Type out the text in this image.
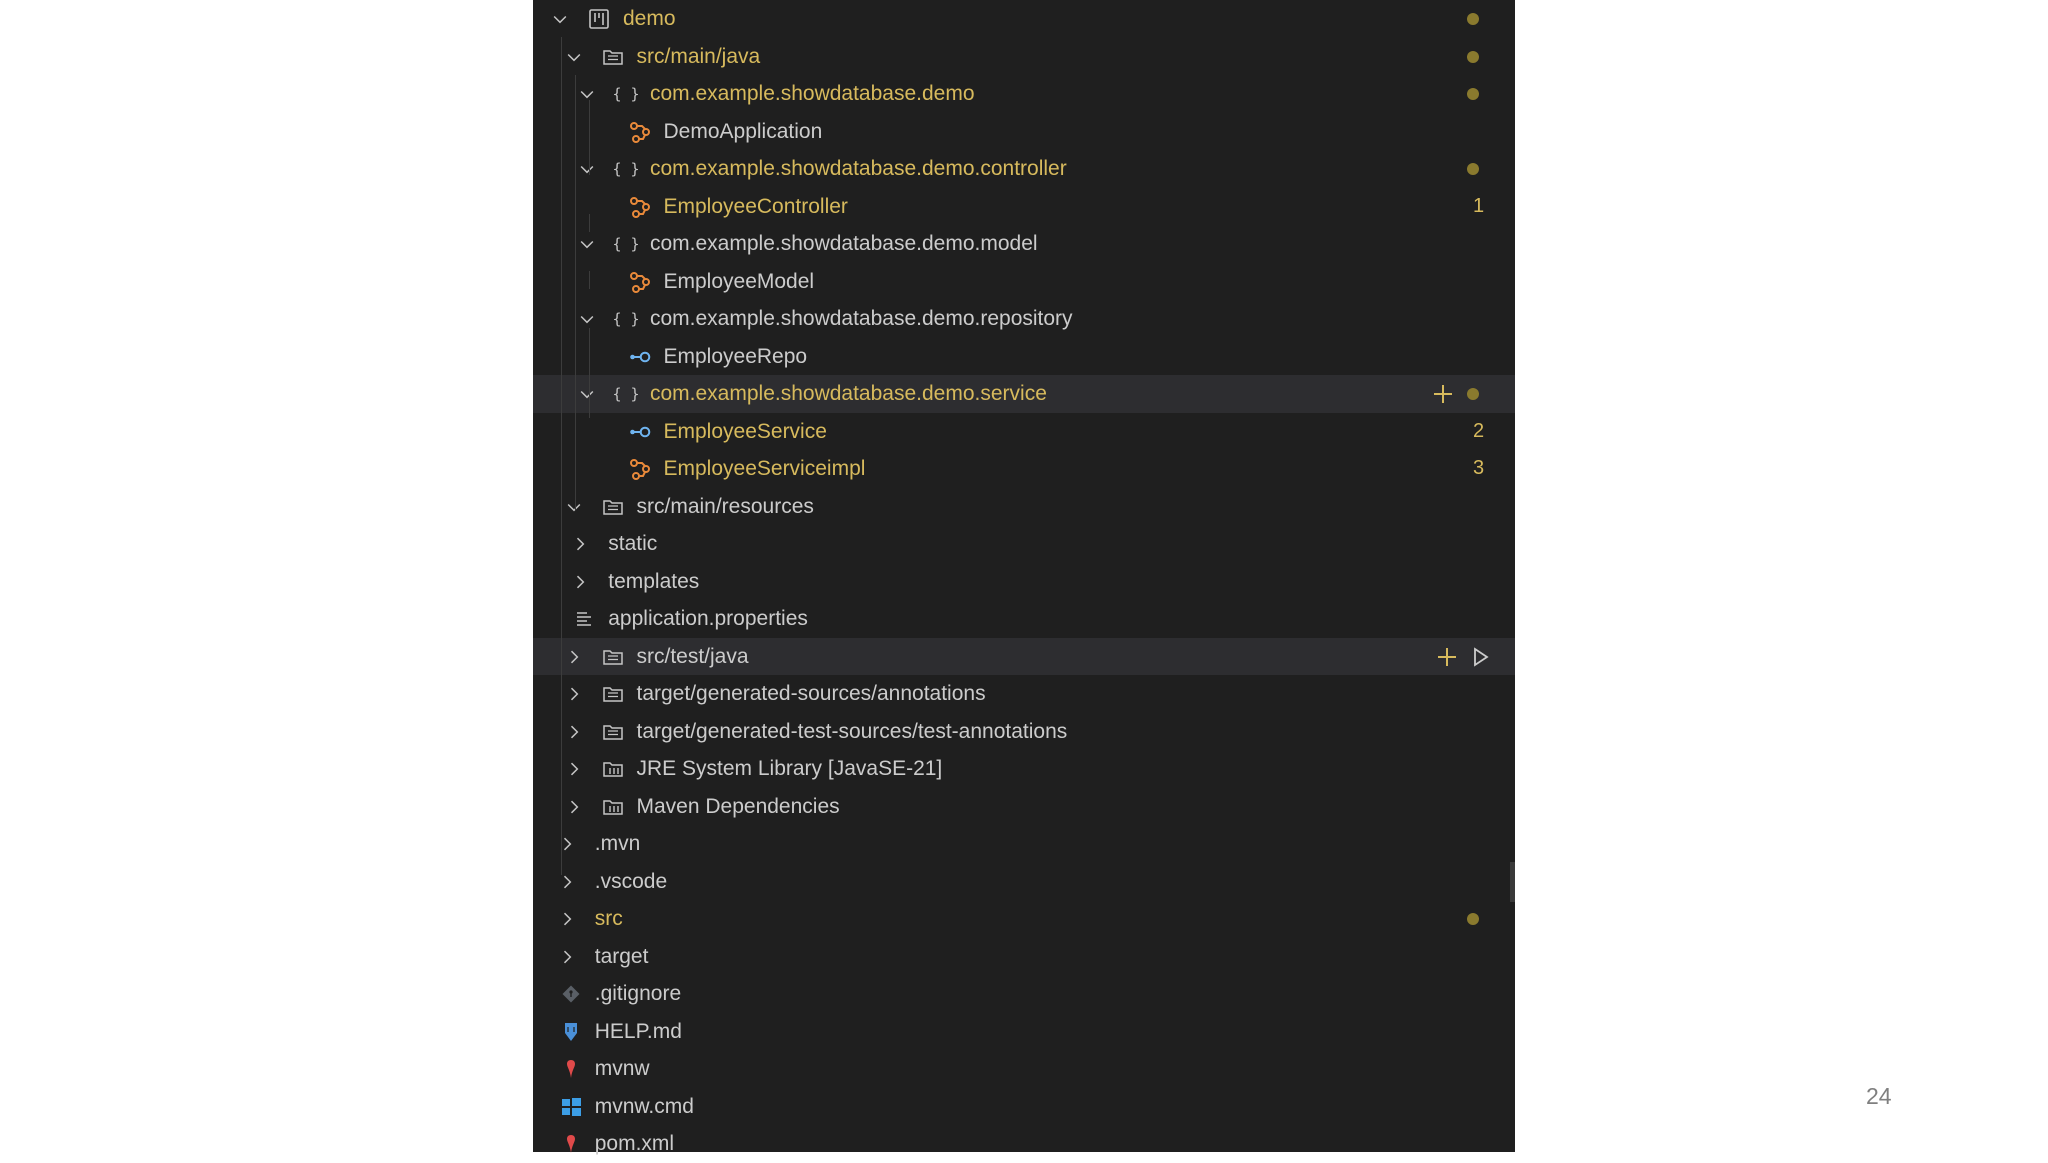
demo
src/main/java
{ } com.example.showdatabase.demo
DemoApplication
{ } com.example.showdatabase.demo.controller
EmployeeController	1
{ } com.example.showdatabase.demo.model
EmployeeModel
{ } com.example.showdatabase.demo.repository
EmployeeRepo
{ } com.example.showdatabase.demo.service
EmployeeService	2
EmployeeServiceimpl	3
src/main/resources
static
templates
application.properties
src/test/java
target/generated-sources/annotations
target/generated-test-sources/test-annotations
JRE System Library [JavaSE-21]
Maven Dependencies
.mvn
.vscode
src
target
.gitignore
HELP.md
mvnw
mvnw.cmd
pom.xml
24
